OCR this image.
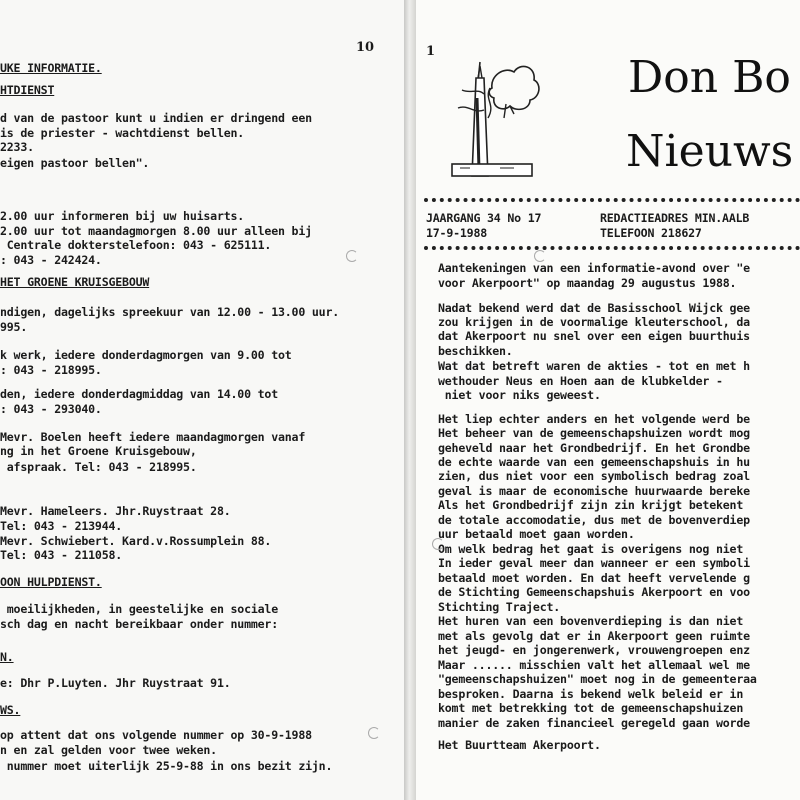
10
UKE INFORMATIE.
HTDIENST
d van de pastoor kunt u indien er dringend een
is de priester - wachtdienst bellen.
2233.
eigen pastoor bellen".
2.00 uur informeren bij uw huisarts.
2.00 uur tot maandagmorgen 8.00 uur alleen bij
Centrale dokterstelefoon: 043 - 625111.
: 043 - 242424.
HET GROENE KRUISGEBOUW
ndigen, dagelijks spreekuur van 12.00 - 13.00 uur.
995.
k werk, iedere donderdagmorgen van 9.00 tot
: 043 - 218995.
den, iedere donderdagmiddag van 14.00 tot
: 043 - 293040.
Mevr. Boelen heeft iedere maandagmorgen vanaf
ng in het Groene Kruisgebouw,
afspraak. Tel: 043 - 218995.
Mevr. Hameleers. Jhr.Ruystraat 28.
Tel: 043 - 213944.
Mevr. Schwiebert. Kard.v.Rossumplein 88.
Tel: 043 - 211058.
OON HULPDIENST.
moeilijkheden, in geestelijke en sociale
sch dag en nacht bereikbaar onder nummer:
N.
e: Dhr P.Luyten. Jhr Ruystraat 91.
WS.
op attent dat ons volgende nummer op 30-9-1988
n en zal gelden voor twee weken.
nummer moet uiterlijk 25-9-88 in ons bezit zijn.
1
Don Bo
Nieuws
JAARGANG 34 No 17
17-9-1988
REDACTIEADRES MIN.AALB
TELEFOON 218627
Aantekeningen van een informatie-avond over "e
voor Akerpoort" op maandag 29 augustus 1988.
Nadat bekend werd dat de Basisschool Wijck gee
zou krijgen in de voormalige kleuterschool, da
dat Akerpoort nu snel over een eigen buurthuis
beschikken.
Wat dat betreft waren de akties - tot en met h
wethouder Neus en Hoen aan de klubkelder -
niet voor niks geweest.
Het liep echter anders en het volgende werd be
Het beheer van de gemeenschapshuizen wordt mog
geheveld naar het Grondbedrijf. En het Grondbe
de echte waarde van een gemeenschapshuis in hu
zien, dus niet voor een symbolisch bedrag zoal
geval is maar de economische huurwaarde bereke
Als het Grondbedrijf zijn zin krijgt betekent
de totale accomodatie, dus met de bovenverdiep
uur betaald moet gaan worden.
Om welk bedrag het gaat is overigens nog niet
In ieder geval meer dan wanneer er een symboli
betaald moet worden. En dat heeft vervelende g
de Stichting Gemeenschapshuis Akerpoort en voo
Stichting Traject.
Het huren van een bovenverdieping is dan niet
met als gevolg dat er in Akerpoort geen ruimte
het jeugd- en jongerenwerk, vrouwengroepen enz
Maar ...... misschien valt het allemaal wel me
"gemeenschapshuizen" moet nog in de gemeenteraa
besproken. Daarna is bekend welk beleid er in
komt met betrekking tot de gemeenschapshuizen
manier de zaken financieel geregeld gaan worde
Het Buurtteam Akerpoort.
